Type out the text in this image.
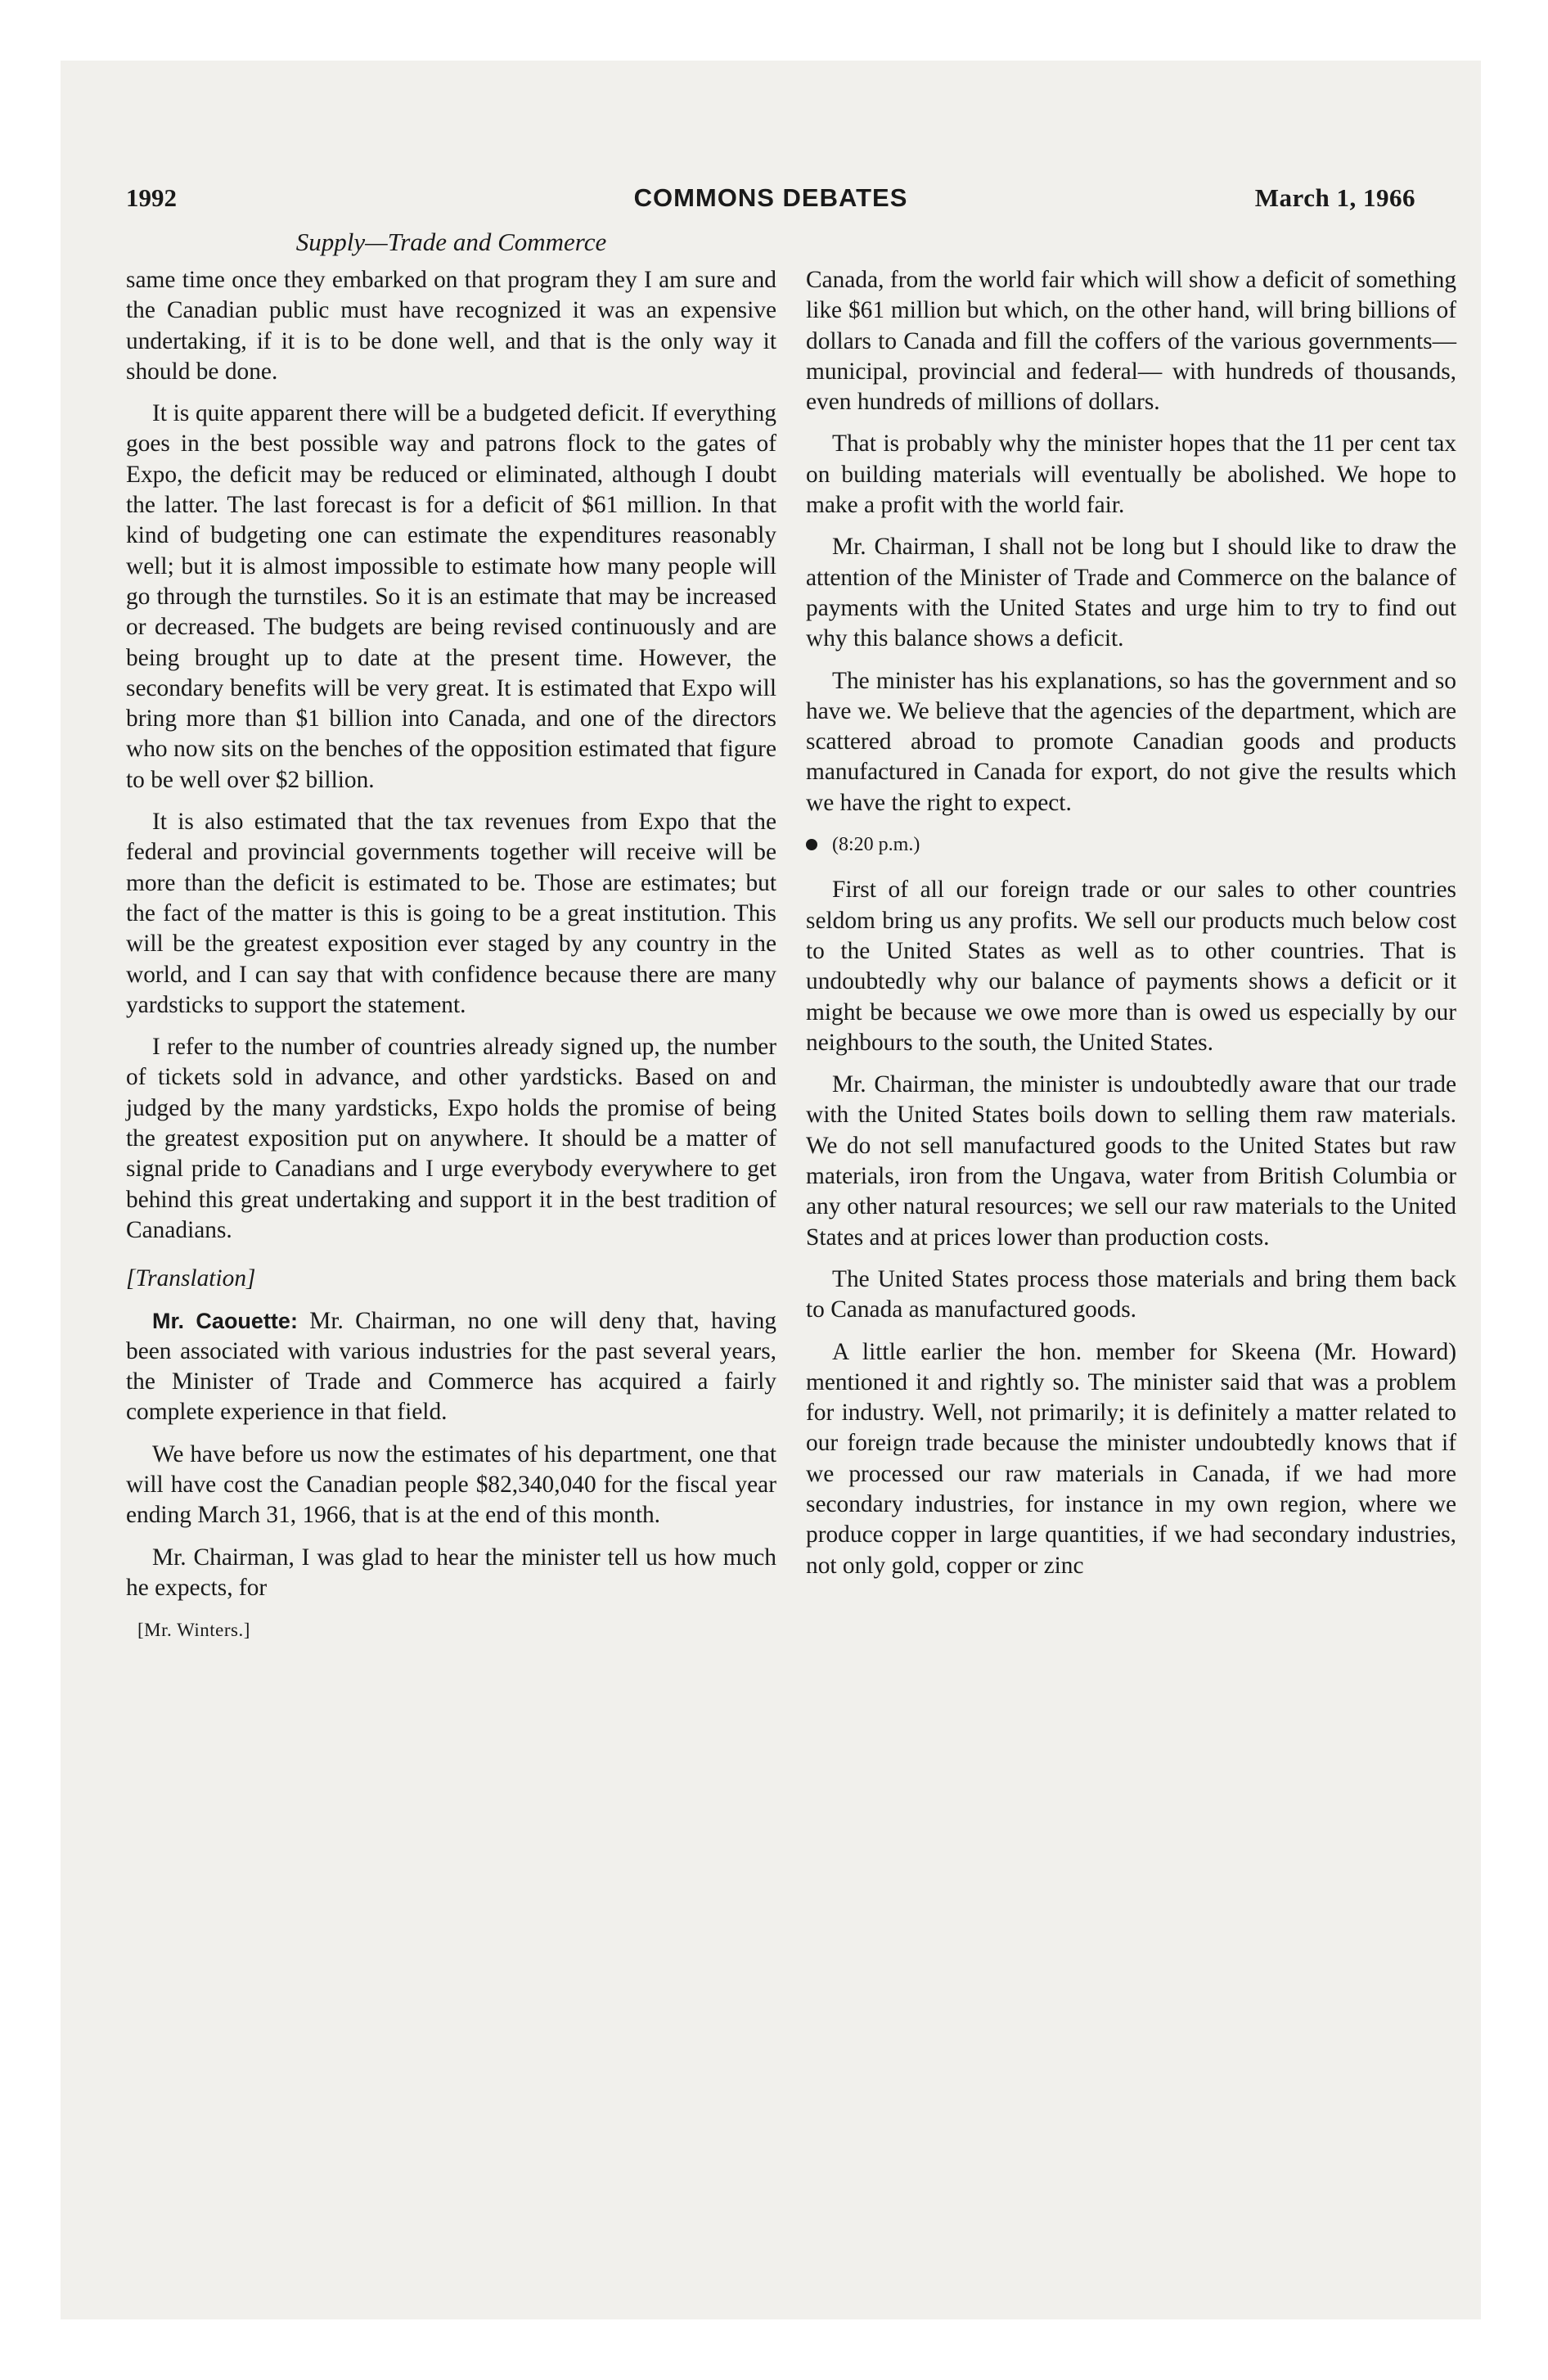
1992	COMMONS DEBATES	March 1, 1966
Supply—Trade and Commerce

same time once they embarked on that program they I am sure and the Canadian public must have recognized it was an expensive undertaking, if it is to be done well, and that is the only way it should be done.

It is quite apparent there will be a budgeted deficit. If everything goes in the best possible way and patrons flock to the gates of Expo, the deficit may be reduced or eliminated, although I doubt the latter. The last forecast is for a deficit of $61 million. In that kind of budgeting one can estimate the expenditures reasonably well; but it is almost impossible to estimate how many people will go through the turnstiles. So it is an estimate that may be increased or decreased. The budgets are being revised continuously and are being brought up to date at the present time. However, the secondary benefits will be very great. It is estimated that Expo will bring more than $1 billion into Canada, and one of the directors who now sits on the benches of the opposition estimated that figure to be well over $2 billion.

It is also estimated that the tax revenues from Expo that the federal and provincial governments together will receive will be more than the deficit is estimated to be. Those are estimates; but the fact of the matter is this is going to be a great institution. This will be the greatest exposition ever staged by any country in the world, and I can say that with confidence because there are many yardsticks to support the statement.

I refer to the number of countries already signed up, the number of tickets sold in advance, and other yardsticks. Based on and judged by the many yardsticks, Expo holds the promise of being the greatest exposition put on anywhere. It should be a matter of signal pride to Canadians and I urge everybody everywhere to get behind this great undertaking and support it in the best tradition of Canadians.

[Translation]

Mr. Caouette: Mr. Chairman, no one will deny that, having been associated with various industries for the past several years, the Minister of Trade and Commerce has acquired a fairly complete experience in that field.

We have before us now the estimates of his department, one that will have cost the Canadian people $82,340,040 for the fiscal year ending March 31, 1966, that is at the end of this month.

Mr. Chairman, I was glad to hear the minister tell us how much he expects, for

[Mr. Winters.]

Canada, from the world fair which will show a deficit of something like $61 million but which, on the other hand, will bring billions of dollars to Canada and fill the coffers of the various governments—municipal, provincial and federal— with hundreds of thousands, even hundreds of millions of dollars.

That is probably why the minister hopes that the 11 per cent tax on building materials will eventually be abolished. We hope to make a profit with the world fair.

Mr. Chairman, I shall not be long but I should like to draw the attention of the Minister of Trade and Commerce on the balance of payments with the United States and urge him to try to find out why this balance shows a deficit.

The minister has his explanations, so has the government and so have we. We believe that the agencies of the department, which are scattered abroad to promote Canadian goods and products manufactured in Canada for export, do not give the results which we have the right to expect.

(8:20 p.m.)

First of all our foreign trade or our sales to other countries seldom bring us any profits. We sell our products much below cost to the United States as well as to other countries. That is undoubtedly why our balance of payments shows a deficit or it might be because we owe more than is owed us especially by our neighbours to the south, the United States.

Mr. Chairman, the minister is undoubtedly aware that our trade with the United States boils down to selling them raw materials. We do not sell manufactured goods to the United States but raw materials, iron from the Ungava, water from British Columbia or any other natural resources; we sell our raw materials to the United States and at prices lower than production costs.

The United States process those materials and bring them back to Canada as manufactured goods.

A little earlier the hon. member for Skeena (Mr. Howard) mentioned it and rightly so. The minister said that was a problem for industry. Well, not primarily; it is definitely a matter related to our foreign trade because the minister undoubtedly knows that if we processed our raw materials in Canada, if we had more secondary industries, for instance in my own region, where we produce copper in large quantities, if we had secondary industries, not only gold, copper or zinc
